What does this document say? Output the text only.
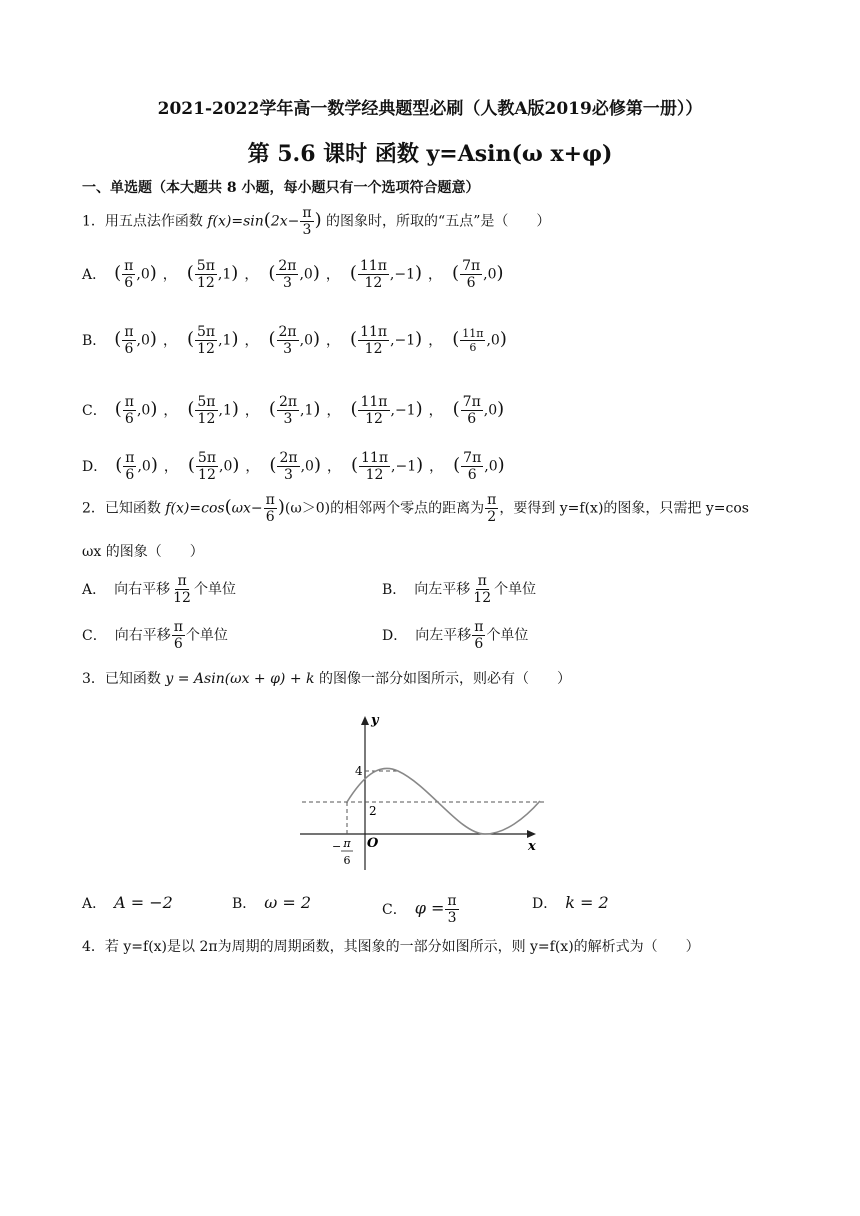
2021-2022学年高一数学经典题型必刷（人教A版2019必修第一册））
第 5.6 课时 函数 y=Asin(ω x+φ)
一、单选题（本大题共 8 小题，每小题只有一个选项符合题意）
1．用五点法作函数 $f(x)=\sin(2x- \frac{\pi}{3}$ ) 的图象时，所取的“五点”是（　　）
A． ( $\frac{\pi}{6} ,0$) ， ( $\frac{5\pi}{12} ,1$) ， ( $\frac{2\pi}{3} ,0$) ， ( $\frac{11\pi}{12} ,-1$) ， ( $\frac{7\pi}{6} ,0$)
B． ( $\frac{\pi}{6} ,0$) ， ( $\frac{5\pi}{12} ,1$) ， ( $\frac{2\pi}{3} ,0$) ， ( $\frac{11\pi}{12} ,-1$) ， ( $\frac{11\pi}{6} ,0$)
C． ( $\frac{\pi}{6} ,0$) ， ( $\frac{5\pi}{12} ,1$) ， ( $\frac{2\pi}{3} ,1$) ， ( $\frac{11\pi}{12} ,-1$) ， ( $\frac{7\pi}{6} ,0$)
D． ( $\frac{\pi}{6} ,0$) ， ( $\frac{5\pi}{12} ,0$) ， ( $\frac{2\pi}{3} ,0$) ， ( $\frac{11\pi}{12} ,-1$) ， ( $\frac{7\pi}{6} ,0$)
2．已知函数 $f(x)=\cos(\omega x- \frac{\pi}{6} )(\omega>0)$的相邻两个零点的距离为 $\frac{\pi}{2}$ ，要得到 y=f(x)的图象，只需把 y=cos
ωx 的图象（　　）
A． 向右平移 $\frac{\pi}{12}$ 个单位	B． 向左平移 $\frac{\pi}{12}$ 个单位
C． 向右平移 $\frac{\pi}{6}$ 个单位	D． 向左平移 $\frac{\pi}{6}$ 个单位
3．已知函数 y = Asin(ωx + φ) + k 的图像一部分如图所示，则必有（　　）
y
x
O
4
2
− π
6
A． A = −2	B． ω = 2	C． $\varphi = \frac{\pi}{3}$	D． k = 2
4．若 y=f(x)是以 2π为周期的周期函数，其图象的一部分如图所示，则 y=f(x)的解析式为（　　）
